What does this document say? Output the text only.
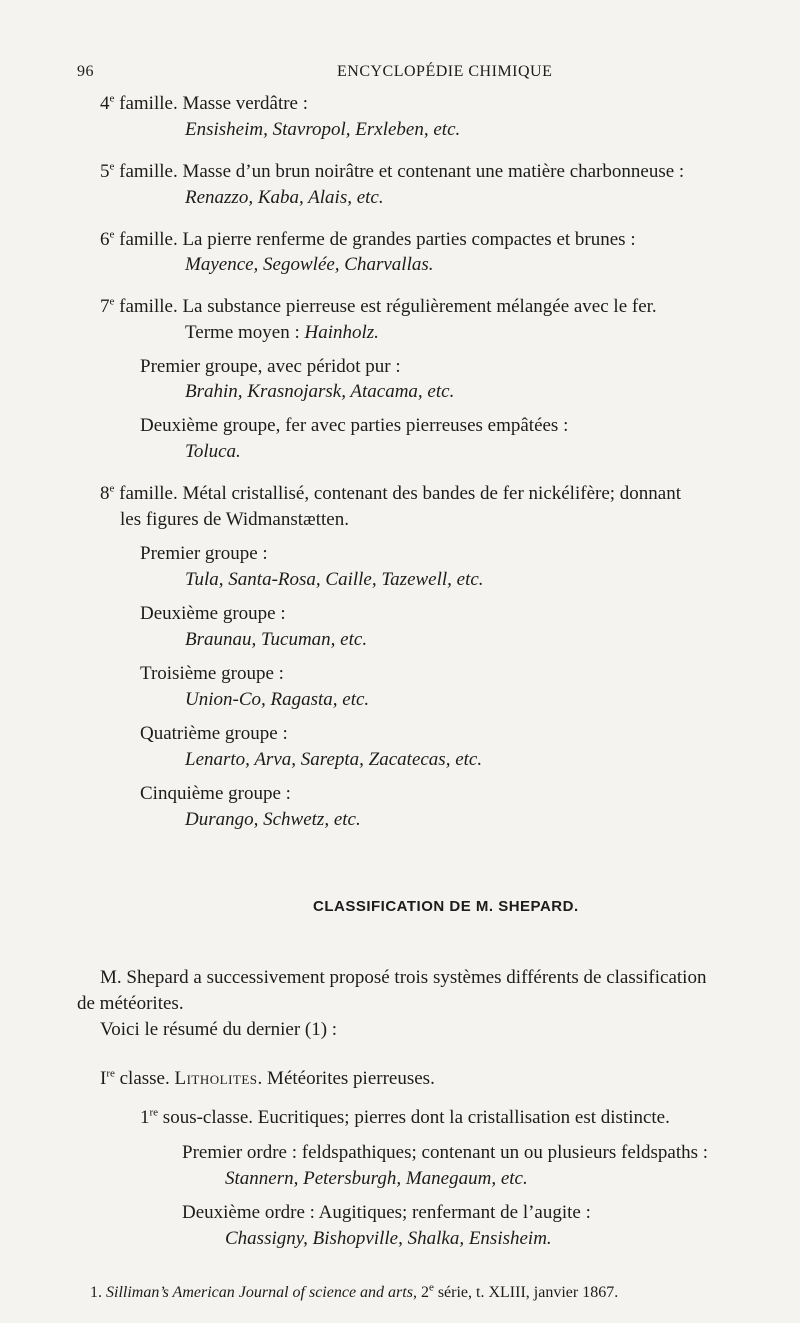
96	ENCYCLOPÉDIE CHIMIQUE
4e famille. Masse verdâtre :
Ensisheim, Stavropol, Erxleben, etc.
5e famille. Masse d’un brun noirâtre et contenant une matière charbonneuse :
Renazzo, Kaba, Alais, etc.
6e famille. La pierre renferme de grandes parties compactes et brunes :
Mayence, Segowlée, Charvallas.
7e famille. La substance pierreuse est régulièrement mélangée avec le fer.
Terme moyen : Hainholz.
Premier groupe, avec péridot pur :
Brahin, Krasnojarsk, Atacama, etc.
Deuxième groupe, fer avec parties pierreuses empâtées :
Toluca.
8e famille. Métal cristallisé, contenant des bandes de fer nickélifère; donnant
les figures de Widmanstætten.
Premier groupe :
Tula, Santa-Rosa, Caille, Tazewell, etc.
Deuxième groupe :
Braunau, Tucuman, etc.
Troisième groupe :
Union-Co, Ragasta, etc.
Quatrième groupe :
Lenarto, Arva, Sarepta, Zacatecas, etc.
Cinquième groupe :
Durango, Schwetz, etc.
CLASSIFICATION DE M. SHEPARD.
M. Shepard a successivement proposé trois systèmes différents de classification
de météorites.
Voici le résumé du dernier (1) :
Ire classe. Litholites. Météorites pierreuses.
1re sous-classe. Eucritiques; pierres dont la cristallisation est distincte.
Premier ordre : feldspathiques; contenant un ou plusieurs feldspaths :
Stannern, Petersburgh, Manegaum, etc.
Deuxième ordre : Augitiques; renfermant de l’augite :
Chassigny, Bishopville, Shalka, Ensisheim.
1. Silliman’s American Journal of science and arts, 2e série, t. XLIII, janvier 1867.
